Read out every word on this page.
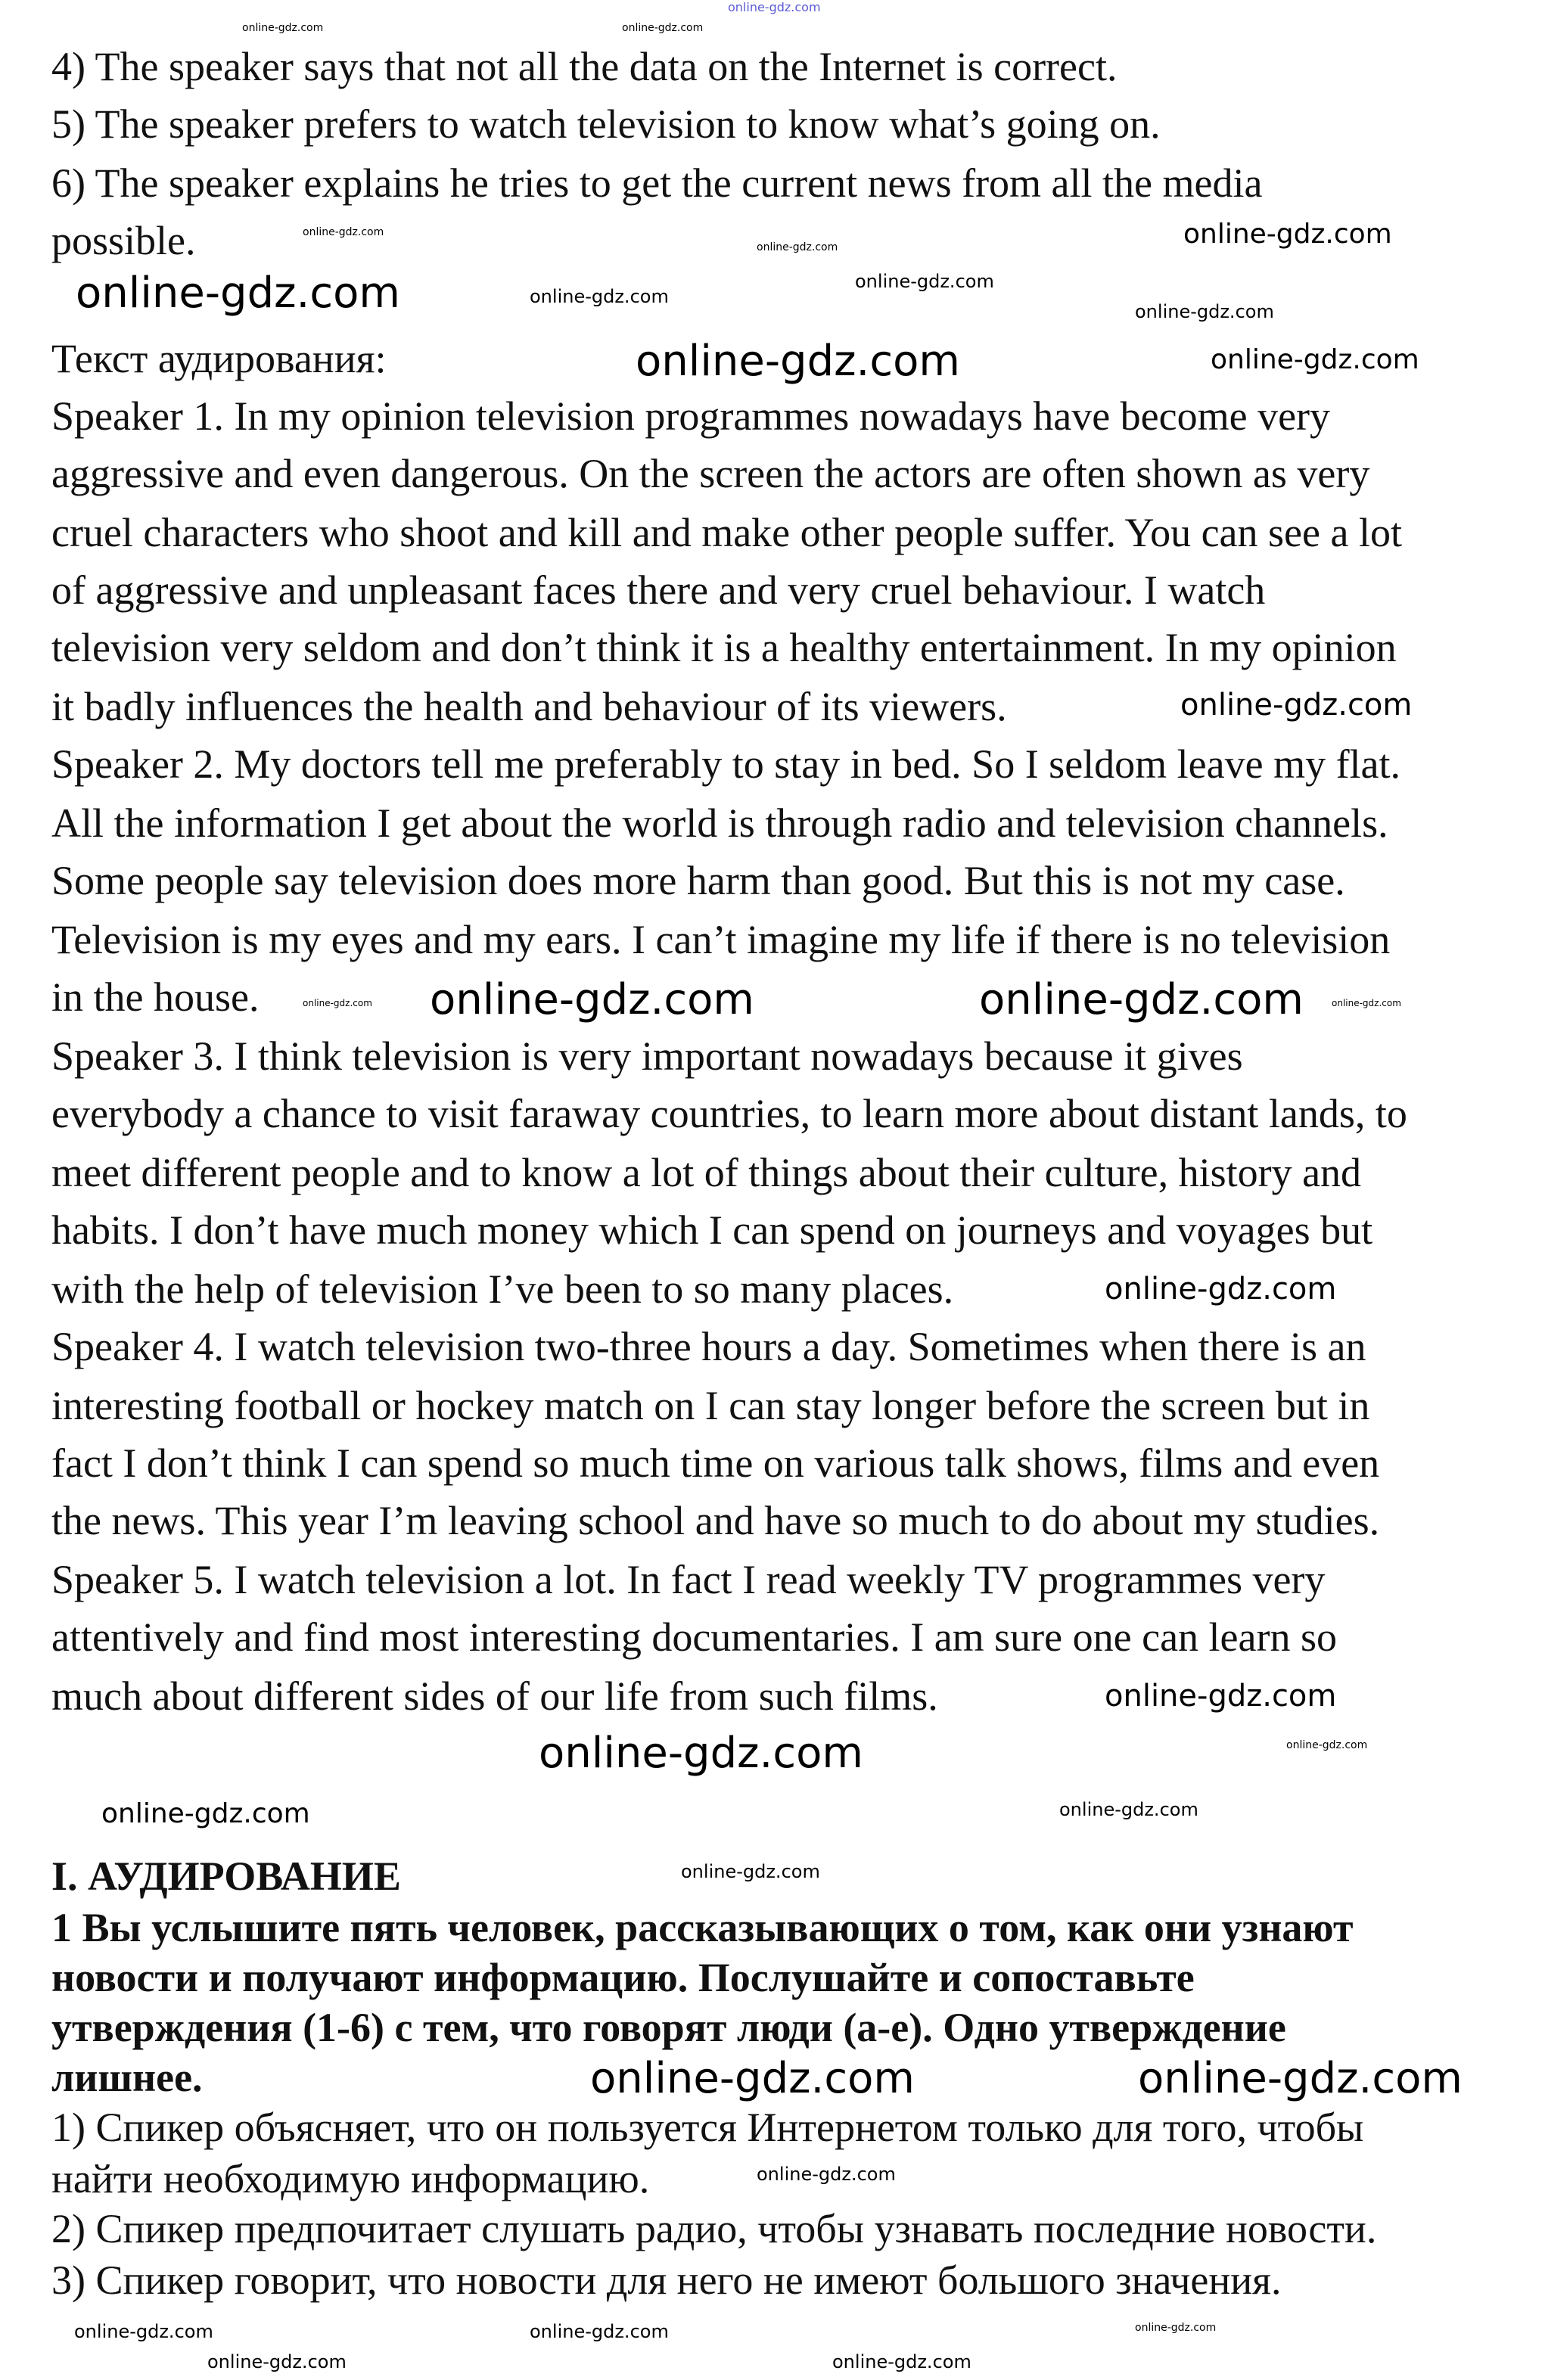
4) The speaker says that not all the data on the Internet is correct.
5) The speaker prefers to watch television to know what’s going on.
6) The speaker explains he tries to get the current news from all the media
possible.
Текст аудирования:
Speaker 1. In my opinion television programmes nowadays have become very
aggressive and even dangerous. On the screen the actors are often shown as very
cruel characters who shoot and kill and make other people suffer. You can see a lot
of aggressive and unpleasant faces there and very cruel behaviour. I watch
television very seldom and don’t think it is a healthy entertainment. In my opinion
it badly influences the health and behaviour of its viewers.
Speaker 2. My doctors tell me preferably to stay in bed. So I seldom leave my flat.
All the information I get about the world is through radio and television channels.
Some people say television does more harm than good. But this is not my case.
Television is my eyes and my ears. I can’t imagine my life if there is no television
in the house.
Speaker 3. I think television is very important nowadays because it gives
everybody a chance to visit faraway countries, to learn more about distant lands, to
meet different people and to know a lot of things about their culture, history and
habits. I don’t have much money which I can spend on journeys and voyages but
with the help of television I’ve been to so many places.
Speaker 4. I watch television two-three hours a day. Sometimes when there is an
interesting football or hockey match on I can stay longer before the screen but in
fact I don’t think I can spend so much time on various talk shows, films and even
the news. This year I’m leaving school and have so much to do about my studies.
Speaker 5. I watch television a lot. In fact I read weekly TV programmes very
attentively and find most interesting documentaries. I am sure one can learn so
much about different sides of our life from such films.
I. АУДИРОВАНИЕ
1 Вы услышите пять человек, рассказывающих о том, как они узнают
новости и получают информацию. Послушайте и сопоставьте
утверждения (1-6) с тем, что говорят люди (а-е). Одно утверждение
лишнее.
1) Спикер объясняет, что он пользуется Интернетом только для того, чтобы
найти необходимую информацию.
2) Спикер предпочитает слушать радио, чтобы узнавать последние новости.
3) Спикер говорит, что новости для него не имеют большого значения.
online-gdz.com
online-gdz.com
online-gdz.com
online-gdz.com
online-gdz.com	online-gdz.com
online-gdz.com
online-gdz.com
online-gdz.com
online-gdz.com	online-gdz.com
online-gdz.com
online-gdz.com
online-gdz.com
online-gdz.com
online-gdz.com
online-gdz.com
online-gdz.com
online-gdz.com
online-gdz.com	online-gdz.com
online-gdz.com
online-gdz.com
online-gdz.com
online-gdz.com
online-gdz.com
online-gdz.com
online-gdz.com
online-gdz.com
online-gdz.com
online-gdz.com	online-gdz.com
